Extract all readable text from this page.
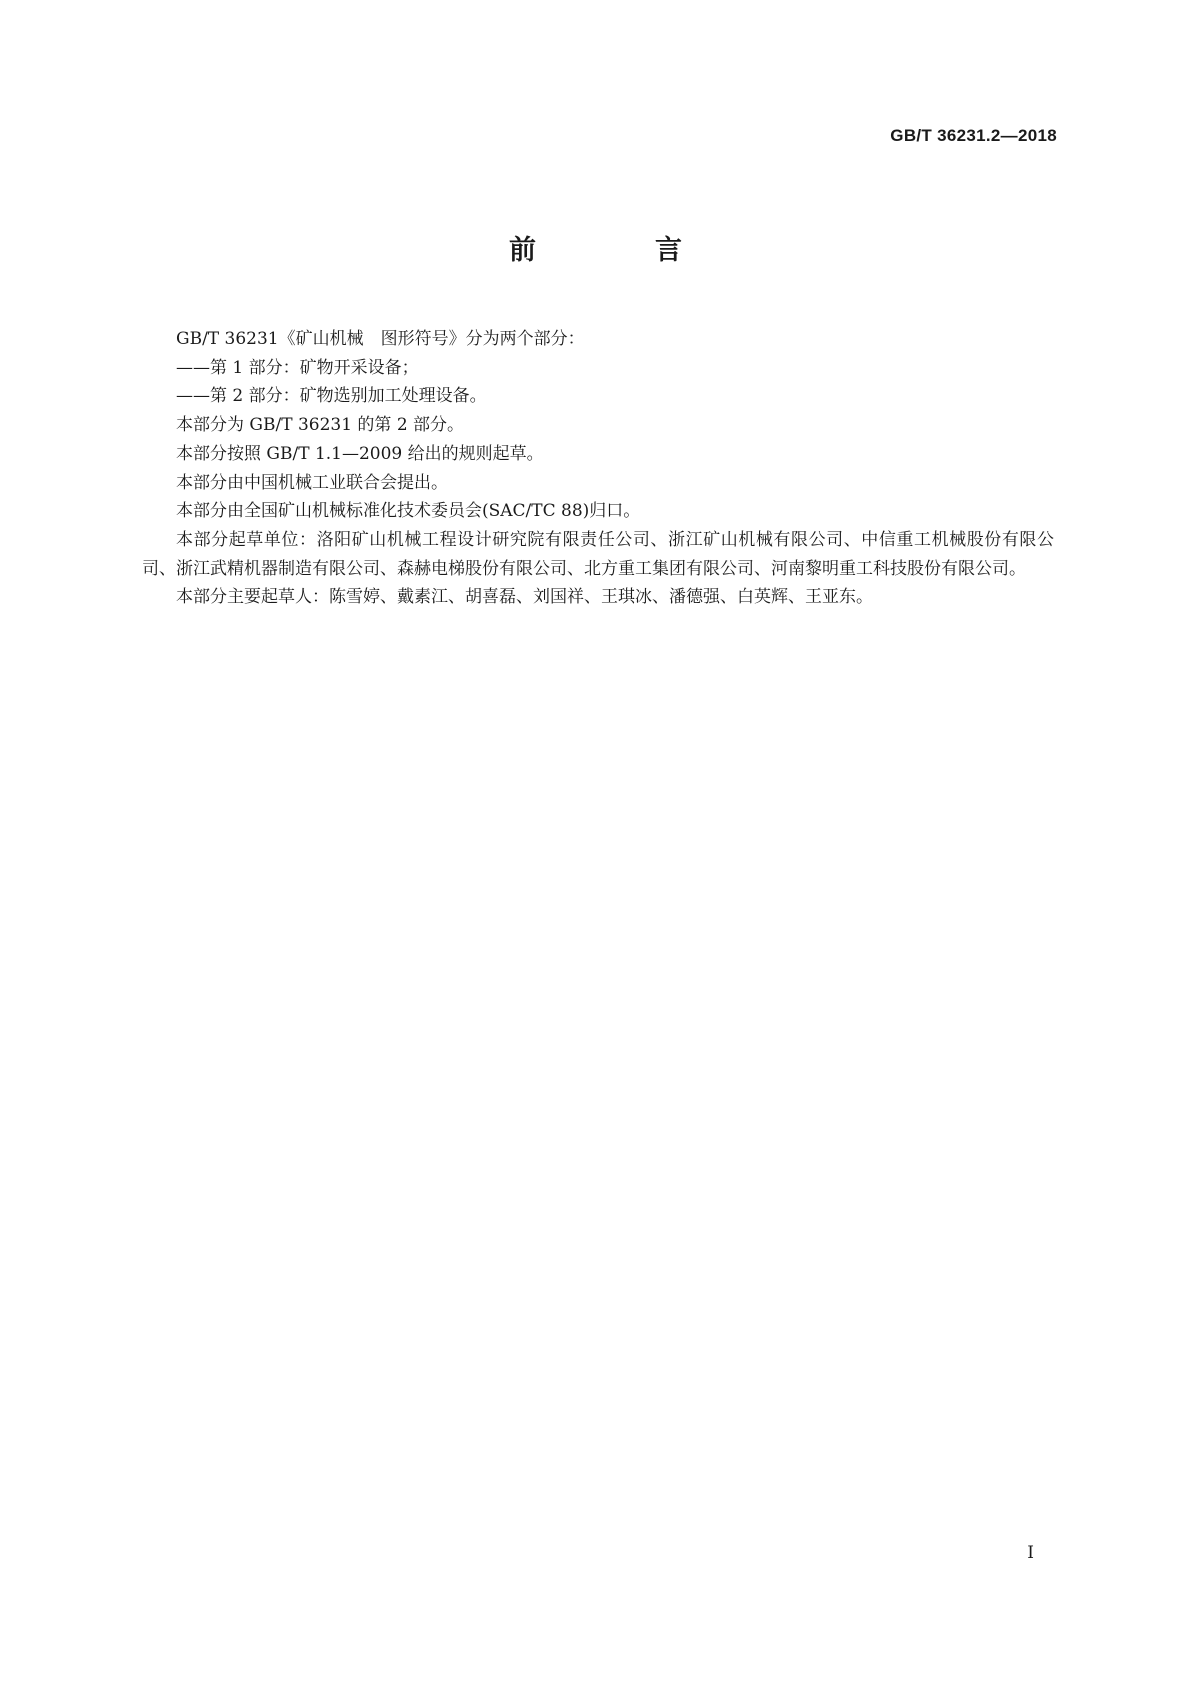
GB/T 36231.2—2018
前　言

GB/T 36231《矿山机械　图形符号》分为两个部分：

——第 1 部分：矿物开采设备；

——第 2 部分：矿物选别加工处理设备。

本部分为 GB/T 36231 的第 2 部分。

本部分按照 GB/T 1.1—2009 给出的规则起草。

本部分由中国机械工业联合会提出。

本部分由全国矿山机械标准化技术委员会(SAC/TC 88)归口。

本部分起草单位：洛阳矿山机械工程设计研究院有限责任公司、浙江矿山机械有限公司、中信重工机械股份有限公司、浙江武精机器制造有限公司、森赫电梯股份有限公司、北方重工集团有限公司、河南黎明重工科技股份有限公司。

本部分主要起草人：陈雪婷、戴素江、胡喜磊、刘国祥、王琪冰、潘德强、白英辉、王亚东。

I
